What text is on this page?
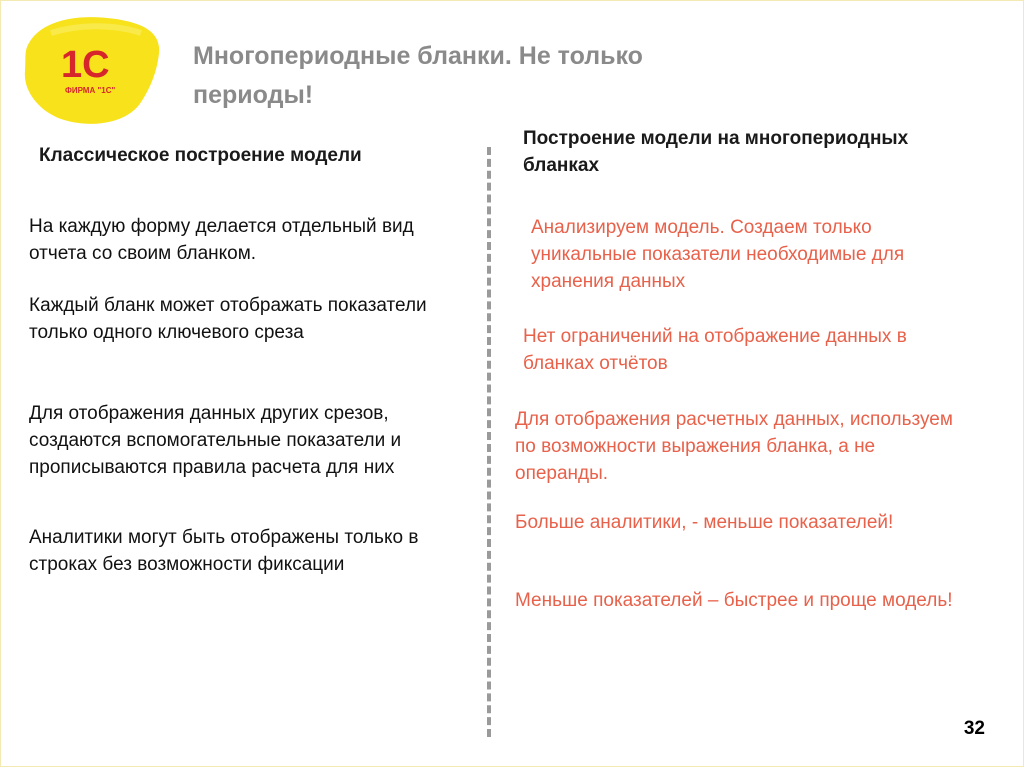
1С
ФИРМА "1С"
Многопериодные бланки. Не только периоды!
Классическое построение модели
Построение модели на многопериодных бланках
На каждую форму делается отдельный вид отчета со своим бланком.
Каждый бланк может отображать показатели только одного ключевого среза
Для отображения данных других срезов, создаются вспомогательные показатели и прописываются правила расчета для них
Аналитики могут быть отображены только в строках без возможности фиксации
Анализируем модель. Создаем только уникальные показатели необходимые для хранения данных
Нет ограничений на отображение данных в бланках отчётов
Для отображения расчетных данных, используем по возможности выражения бланка, а не операнды.
Больше аналитики, - меньше показателей!
Меньше показателей – быстрее и проще модель!
32
